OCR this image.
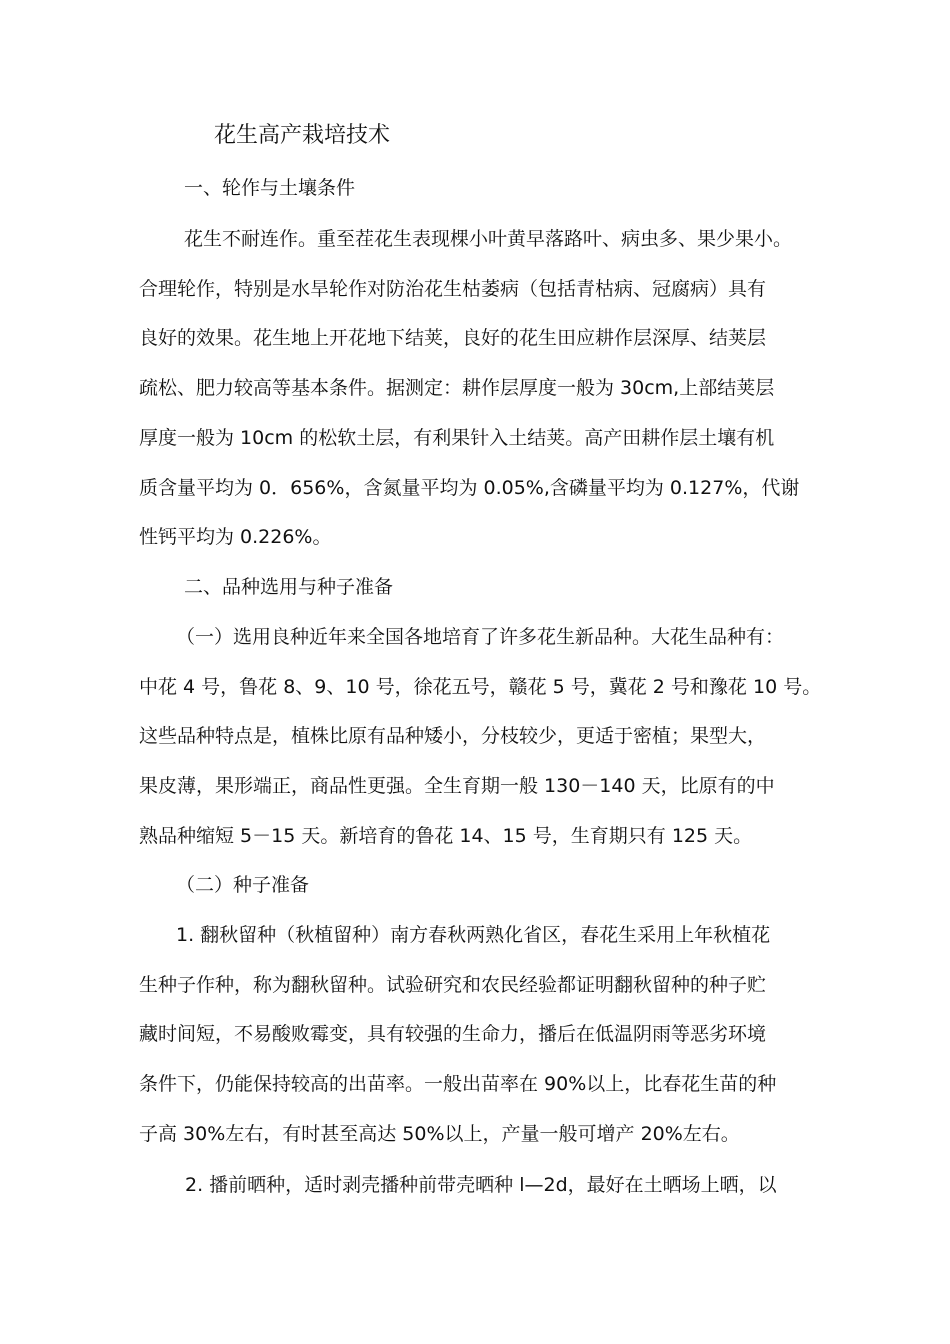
花生高产栽培技术
一、轮作与土壤条件
花生不耐连作。重至茬花生表现棵小叶黄早落路叶、病虫多、果少果小。
合理轮作，特别是水旱轮作对防治花生枯萎病（包括青枯病、冠腐病）具有
良好的效果。花生地上开花地下结荚，良好的花生田应耕作层深厚、结荚层
疏松、肥力较高等基本条件。据测定：耕作层厚度一般为 30cm,上部结荚层
厚度一般为 10cm 的松软土层，有利果针入土结荚。高产田耕作层土壤有机
质含量平均为 0．656%，含氮量平均为 0.05%,含磷量平均为 0.127%，代谢
性钙平均为 0.226%。
二、品种选用与种子准备
（一）选用良种近年来全国各地培育了许多花生新品种。大花生品种有：
中花 4 号，鲁花 8、9、10 号，徐花五号，赣花 5 号，冀花 2 号和豫花 10 号。
这些品种特点是，植株比原有品种矮小，分枝较少，更适于密植；果型大，
果皮薄，果形端正，商品性更强。全生育期一般 130－140 天，比原有的中
熟品种缩短 5－15 天。新培育的鲁花 14、15 号，生育期只有 125 天。
（二）种子准备
1. 翻秋留种（秋植留种）南方春秋两熟化省区，春花生采用上年秋植花
生种子作种，称为翻秋留种。试验研究和农民经验都证明翻秋留种的种子贮
藏时间短，不易酸败霉变，具有较强的生命力，播后在低温阴雨等恶劣环境
条件下，仍能保持较高的出苗率。一般出苗率在 90%以上，比春花生苗的种
子高 30%左右，有时甚至高达 50%以上，产量一般可增产 20%左右。
2. 播前晒种，适时剥壳播种前带壳晒种 l—2d，最好在土晒场上晒，以
